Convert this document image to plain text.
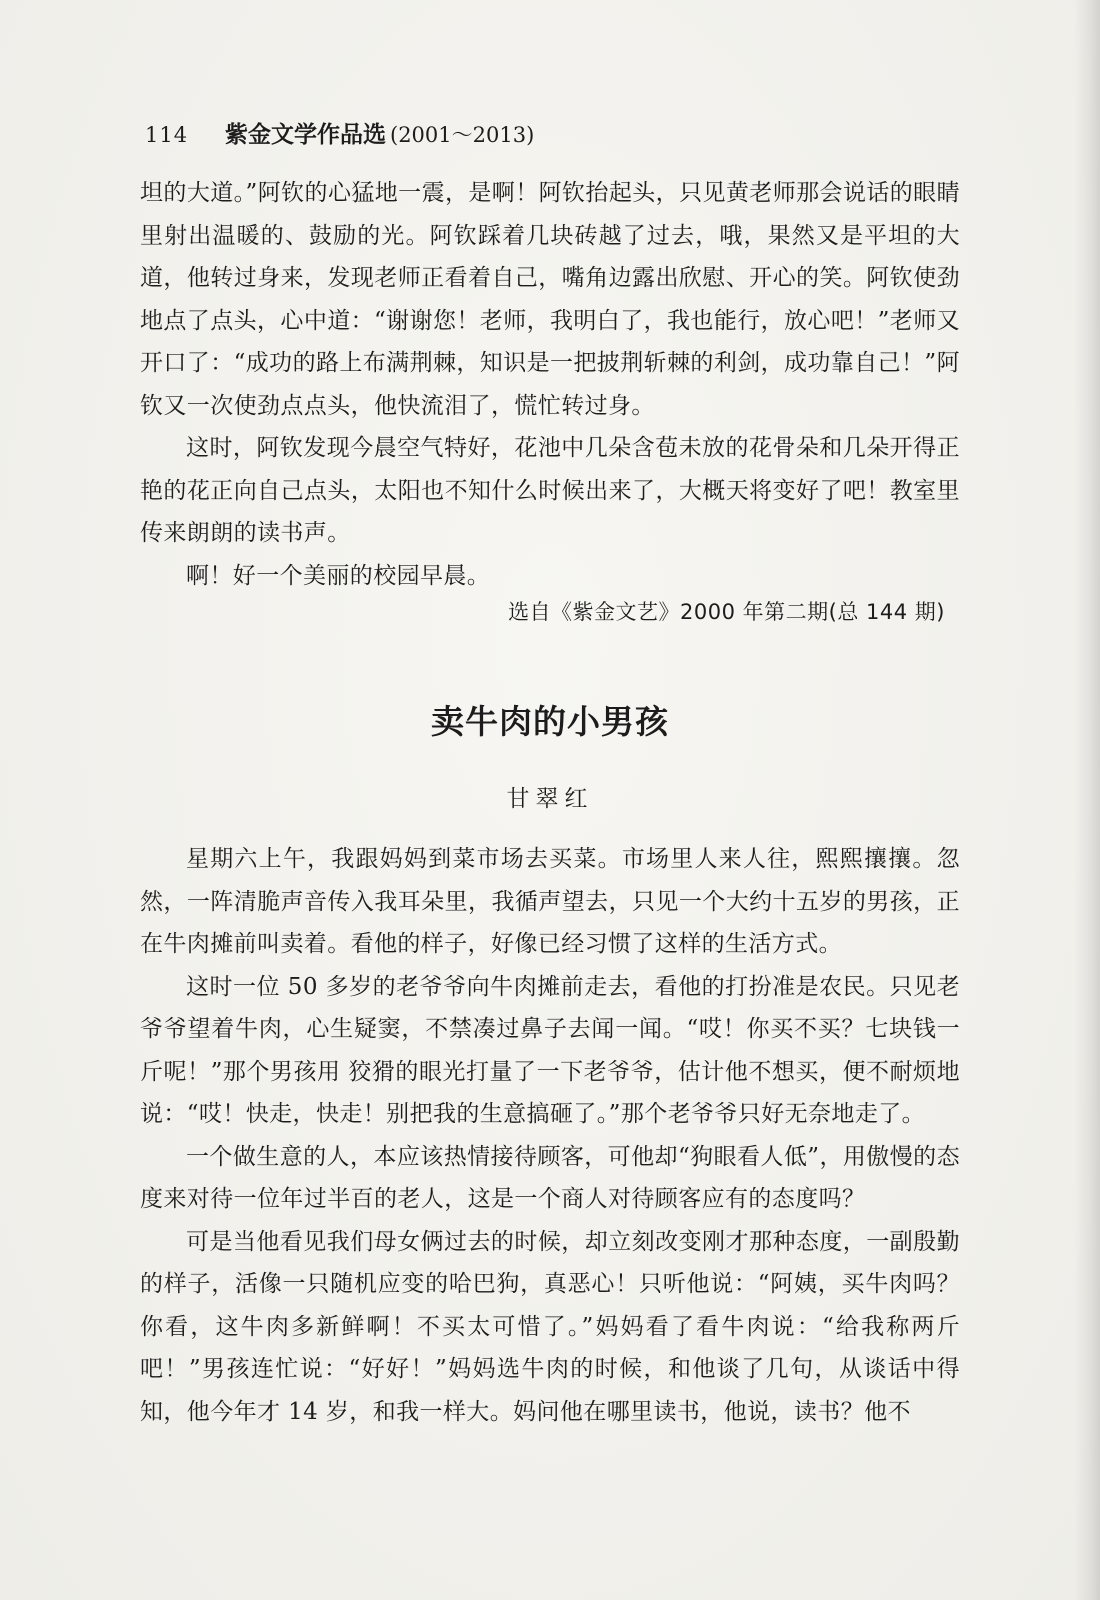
114	紫金文学作品选 (2001～2013)

坦的大道。”阿钦的心猛地一震，是啊！阿钦抬起头，只见黄老师那会说话的眼睛里射出温暖的、鼓励的光。阿钦踩着几块砖越了过去，哦，果然又是平坦的大道，他转过身来，发现老师正看着自己，嘴角边露出欣慰、开心的笑。阿钦使劲地点了点头，心中道：“谢谢您！老师，我明白了，我也能行，放心吧！”老师又开口了：“成功的路上布满荆棘，知识是一把披荆斩棘的利剑，成功靠自己！”阿钦又一次使劲点点头，他快流泪了，慌忙转过身。

这时，阿钦发现今晨空气特好，花池中几朵含苞未放的花骨朵和几朵开得正艳的花正向自己点头，太阳也不知什么时候出来了，大概天将变好了吧！教室里传来朗朗的读书声。

啊！好一个美丽的校园早晨。

选自《紫金文艺》2000 年第二期(总 144 期)
卖牛肉的小男孩
甘翠红

星期六上午，我跟妈妈到菜市场去买菜。市场里人来人往，熙熙攘攘。忽然，一阵清脆声音传入我耳朵里，我循声望去，只见一个大约十五岁的男孩，正在牛肉摊前叫卖着。看他的样子，好像已经习惯了这样的生活方式。

这时一位 50 多岁的老爷爷向牛肉摊前走去，看他的打扮准是农民。只见老爷爷望着牛肉，心生疑窦，不禁凑过鼻子去闻一闻。“哎！你买不买？七块钱一斤呢！”那个男孩用 狡猾的眼光打量了一下老爷爷，估计他不想买，便不耐烦地说：“哎！快走，快走！别把我的生意搞砸了。”那个老爷爷只好无奈地走了。

一个做生意的人，本应该热情接待顾客，可他却“狗眼看人低”，用傲慢的态度来对待一位年过半百的老人，这是一个商人对待顾客应有的态度吗？

可是当他看见我们母女俩过去的时候，却立刻改变刚才那种态度，一副殷勤的样子，活像一只随机应变的哈巴狗，真恶心！只听他说：“阿姨，买牛肉吗？你看，这牛肉多新鲜啊！不买太可惜了。”妈妈看了看牛肉说：“给我称两斤吧！”男孩连忙说：“好好！”妈妈选牛肉的时候，和他谈了几句，从谈话中得知，他今年才 14 岁，和我一样大。妈问他在哪里读书，他说，读书？他不
